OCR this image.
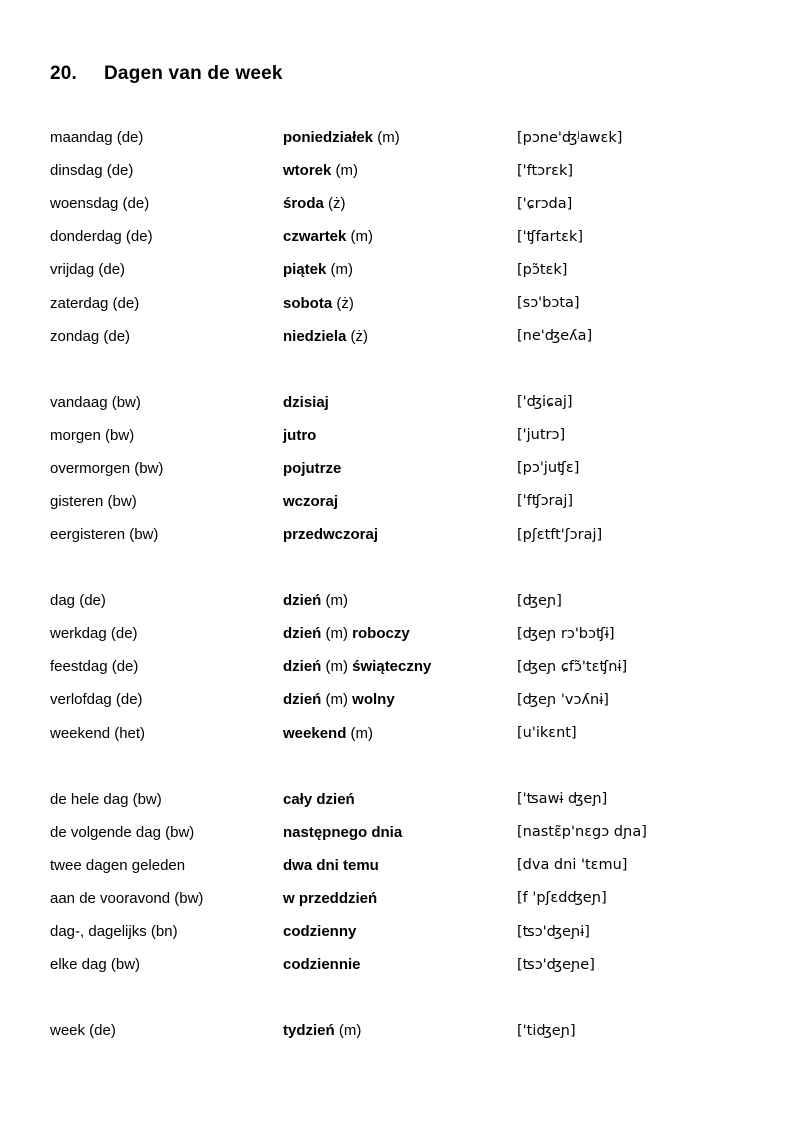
20. Dagen van de week
maandag (de)	poniedziałek (m)	[pɔne'ʤʲawɛk]
dinsdag (de)	wtorek (m)	['ftɔrɛk]
woensdag (de)	środa (ż)	['ɕrɔda]
donderdag (de)	czwartek (m)	['ʧfartɛk]
vrijdag (de)	piątek (m)	[pɔ̃tɛk]
zaterdag (de)	sobota (ż)	[sɔ'bɔta]
zondag (de)	niedziela (ż)	[ne'ʤeʎa]
vandaag (bw)	dzisiaj	['ʤiɕaj]
morgen (bw)	jutro	['jutrɔ]
overmorgen (bw)	pojutrze	[pɔ'juʧɛ]
gisteren (bw)	wczoraj	['fʧɔraj]
eergisteren (bw)	przedwczoraj	[pʃɛtft'ʃɔraj]
dag (de)	dzień (m)	[ʤeɲ]
werkdag (de)	dzień (m) roboczy	[ʤeɲ rɔ'bɔʧɨ]
feestdag (de)	dzień (m) świąteczny	[ʤeɲ ɕfɔ̃'tɛʧnɨ]
verlofdag (de)	dzień (m) wolny	[ʤeɲ 'vɔʎnɨ]
weekend (het)	weekend (m)	[u'ikɛnt]
de hele dag (bw)	cały dzień	['ʦawɨ ʤeɲ]
de volgende dag (bw)	następnego dnia	[nastɛ̃p'nɛgɔ dɲa]
twee dagen geleden	dwa dni temu	[dva dni 'tɛmu]
aan de vooravond (bw)	w przeddzień	[f 'pʃɛdʤeɲ]
dag-, dagelijks (bn)	codzienny	[ʦɔ'ʤeɲɨ]
elke dag (bw)	codziennie	[ʦɔ'ʤeɲe]
week (de)	tydzień (m)	['tiʤeɲ]
